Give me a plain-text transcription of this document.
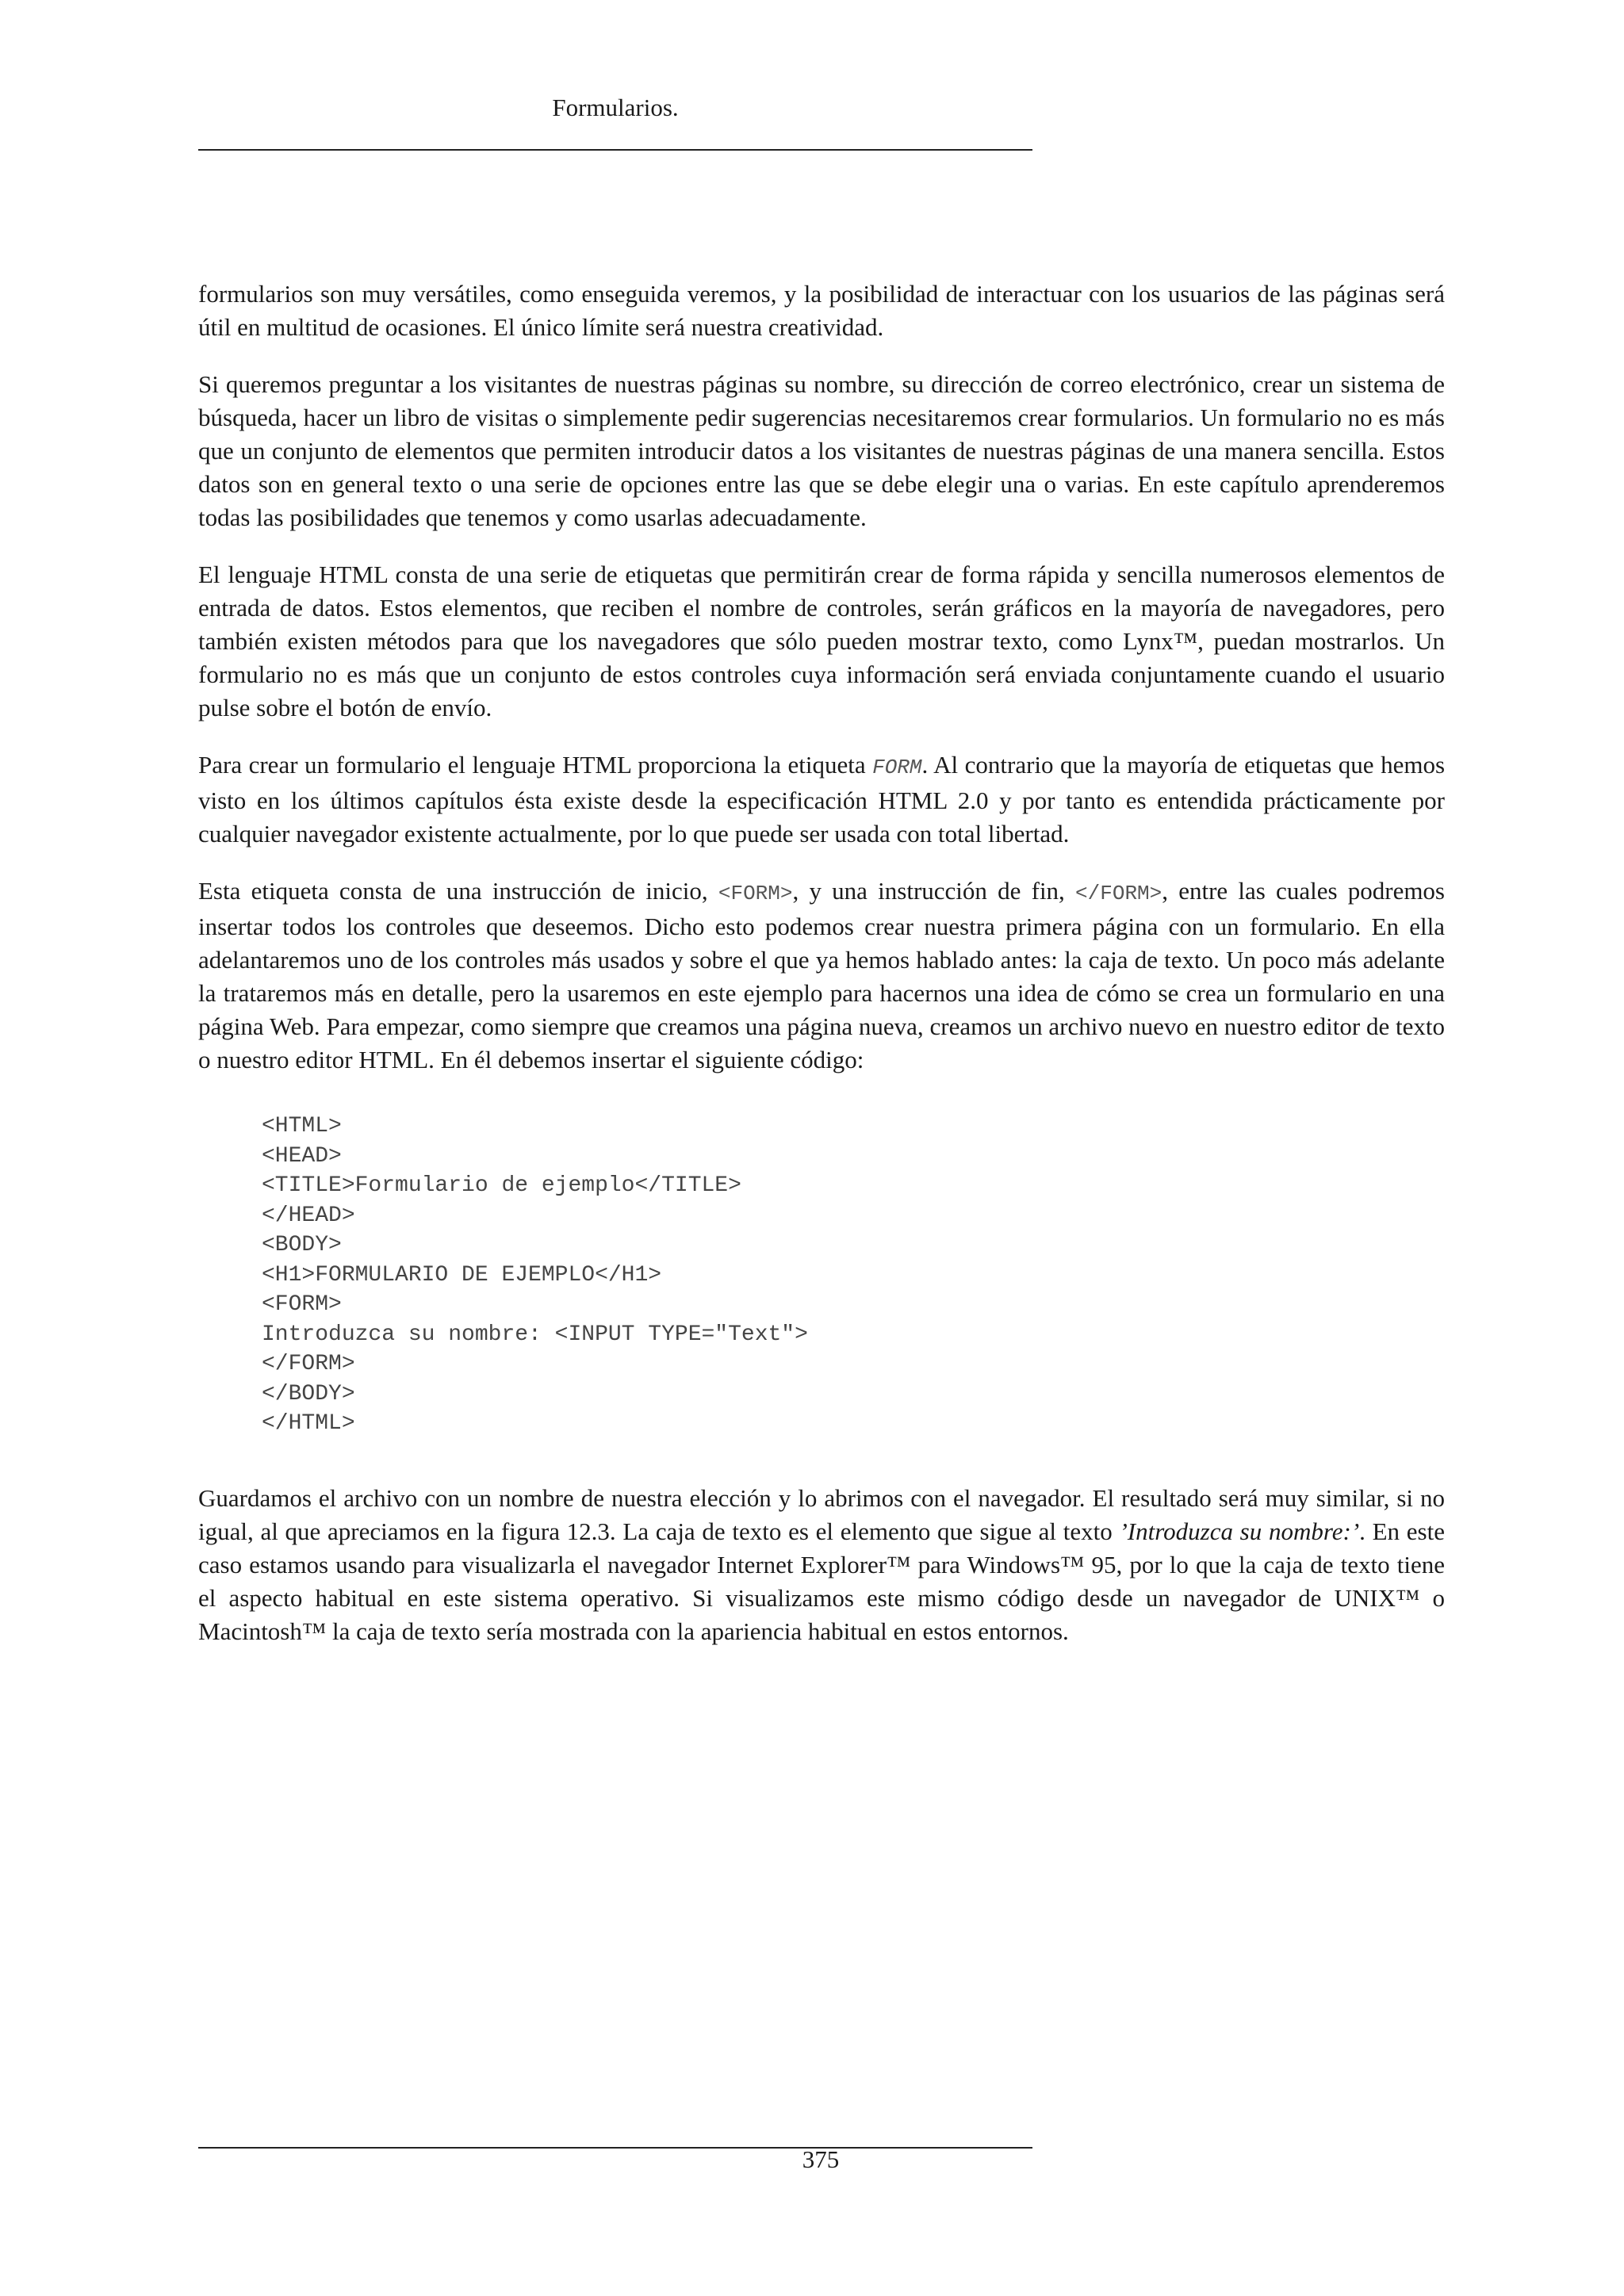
Formularios.

formularios son muy versátiles, como enseguida veremos, y la posibilidad de interactuar con los usuarios de las páginas será útil en multitud de ocasiones. El único límite será nuestra creatividad.

Si queremos preguntar a los visitantes de nuestras páginas su nombre, su dirección de correo electrónico, crear un sistema de búsqueda, hacer un libro de visitas o simplemente pedir sugerencias necesitaremos crear formularios. Un formulario no es más que un conjunto de elementos que permiten introducir datos a los visitantes de nuestras páginas de una manera sencilla. Estos datos son en general texto o una serie de opciones entre las que se debe elegir una o varias. En este capítulo aprenderemos todas las posibilidades que tenemos y como usarlas adecuadamente.

El lenguaje HTML consta de una serie de etiquetas que permitirán crear de forma rápida y sencilla numerosos elementos de entrada de datos. Estos elementos, que reciben el nombre de controles, serán gráficos en la mayoría de navegadores, pero también existen métodos para que los navegadores que sólo pueden mostrar texto, como Lynx™, puedan mostrarlos. Un formulario no es más que un conjunto de estos controles cuya información será enviada conjuntamente cuando el usuario pulse sobre el botón de envío.

Para crear un formulario el lenguaje HTML proporciona la etiqueta FORM. Al contrario que la mayoría de etiquetas que hemos visto en los últimos capítulos ésta existe desde la especificación HTML 2.0 y por tanto es entendida prácticamente por cualquier navegador existente actualmente, por lo que puede ser usada con total libertad.

Esta etiqueta consta de una instrucción de inicio, <FORM>, y una instrucción de fin, </FORM>, entre las cuales podremos insertar todos los controles que deseemos. Dicho esto podemos crear nuestra primera página con un formulario. En ella adelantaremos uno de los controles más usados y sobre el que ya hemos hablado antes: la caja de texto. Un poco más adelante la trataremos más en detalle, pero la usaremos en este ejemplo para hacernos una idea de cómo se crea un formulario en una página Web. Para empezar, como siempre que creamos una página nueva, creamos un archivo nuevo en nuestro editor de texto o nuestro editor HTML. En él debemos insertar el siguiente código:

<HTML>
<HEAD>
<TITLE>Formulario de ejemplo</TITLE>
</HEAD>
<BODY>
<H1>FORMULARIO DE EJEMPLO</H1>
<FORM>
Introduzca su nombre: <INPUT TYPE="Text">
</FORM>
</BODY>
</HTML>

Guardamos el archivo con un nombre de nuestra elección y lo abrimos con el navegador. El resultado será muy similar, si no igual, al que apreciamos en la figura 12.3. La caja de texto es el elemento que sigue al texto ’Introduzca su nombre:’. En este caso estamos usando para visualizarla el navegador Internet Explorer™ para Windows™ 95, por lo que la caja de texto tiene el aspecto habitual en este sistema operativo. Si visualizamos este mismo código desde un navegador de UNIX™ o Macintosh™ la caja de texto sería mostrada con la apariencia habitual en estos entornos.

375
